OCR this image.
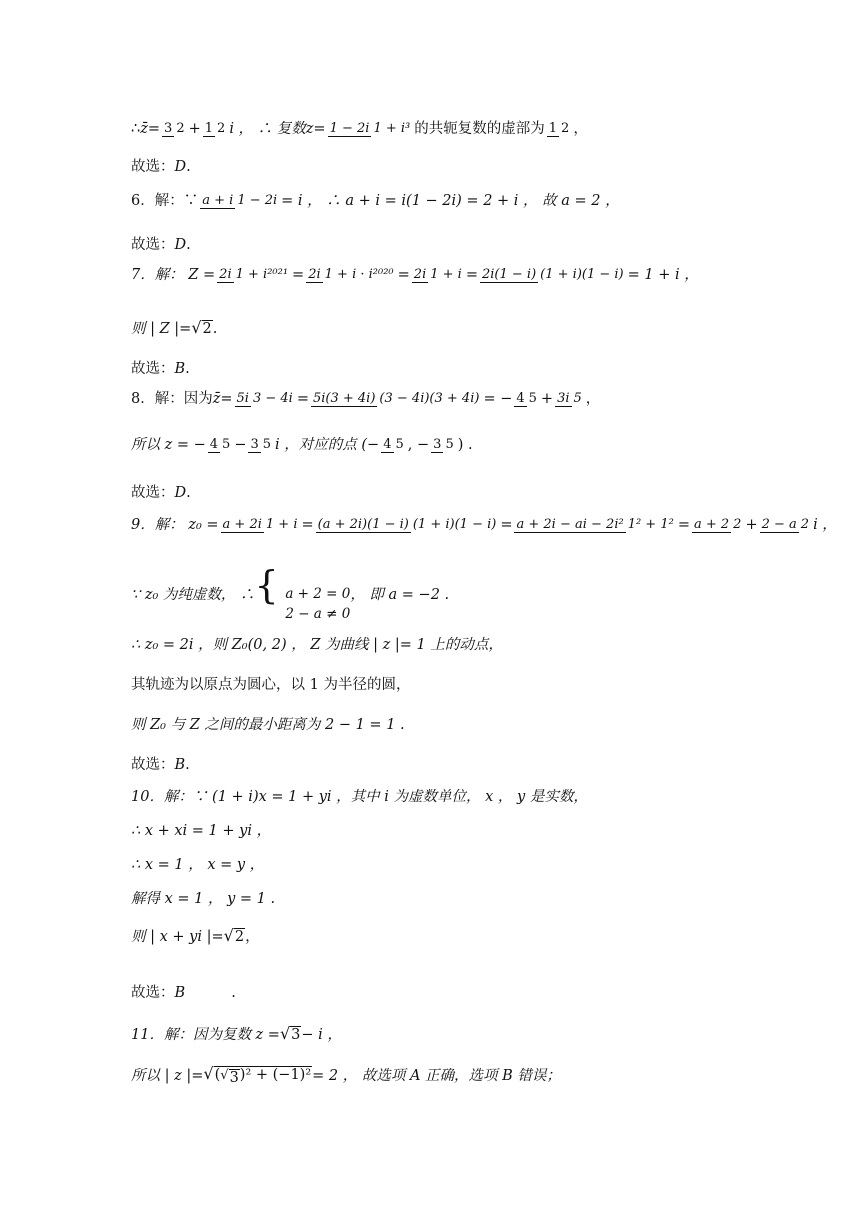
∴ z̄ = 3 2 + 1 2 i ， ∴ 复数 z = 1 − 2i 1 + i³ 的共轭复数的虚部为 1 2 ，
故选： D .
6．解：∵ a + i 1 − 2i = i ， ∴ a + i = i(1 − 2i) = 2 + i ， 故 a = 2 ，
故选： D .
7．解： Z = 2i 1 + i²⁰²¹ = 2i 1 + i · i²⁰²⁰ = 2i 1 + i = 2i(1 − i) (1 + i)(1 − i) = 1 + i ，
则 | Z |= √2 .
故选： B .
8．解：因为 z̄ = 5i 3 − 4i = 5i(3 + 4i) (3 − 4i)(3 + 4i) = − 4 5 + 3i 5 ，
所以 z = − 4 5 − 3 5 i ，对应的点 (− 4 5 , − 3 5 ) .
故选： D .
9．解： z₀ = a + 2i 1 + i = (a + 2i)(1 − i) (1 + i)(1 − i) = a + 2i − ai − 2i² 1² + 1² = a + 2 2 + 2 − a 2 i ，
∵ z₀ 为纯虚数， ∴ { a + 2 = 0
2 − a ≠ 0
， 即 a = −2 .
∴ z₀ = 2i ，则 Z₀(0, 2) ， Z 为曲线 | z |= 1 上的动点，
其轨迹为以原点为圆心，以 1 为半径的圆，
则 Z₀ 与 Z 之间的最小距离为 2 − 1 = 1 .
故选： B .
10．解：∵ (1 + i)x = 1 + yi ，其中 i 为虚数单位， x ， y 是实数，
∴ x + xi = 1 + yi ，
∴ x = 1 ， x = y ，
解得 x = 1 ， y = 1 .
则 | x + yi |= √2 ，
故选： B .
11．解：因为复数 z = √3 − i ，
所以 | z |= √( √ 3 )² + (−1)² = 2 ， 故选项 A 正确，选项 B 错误；
